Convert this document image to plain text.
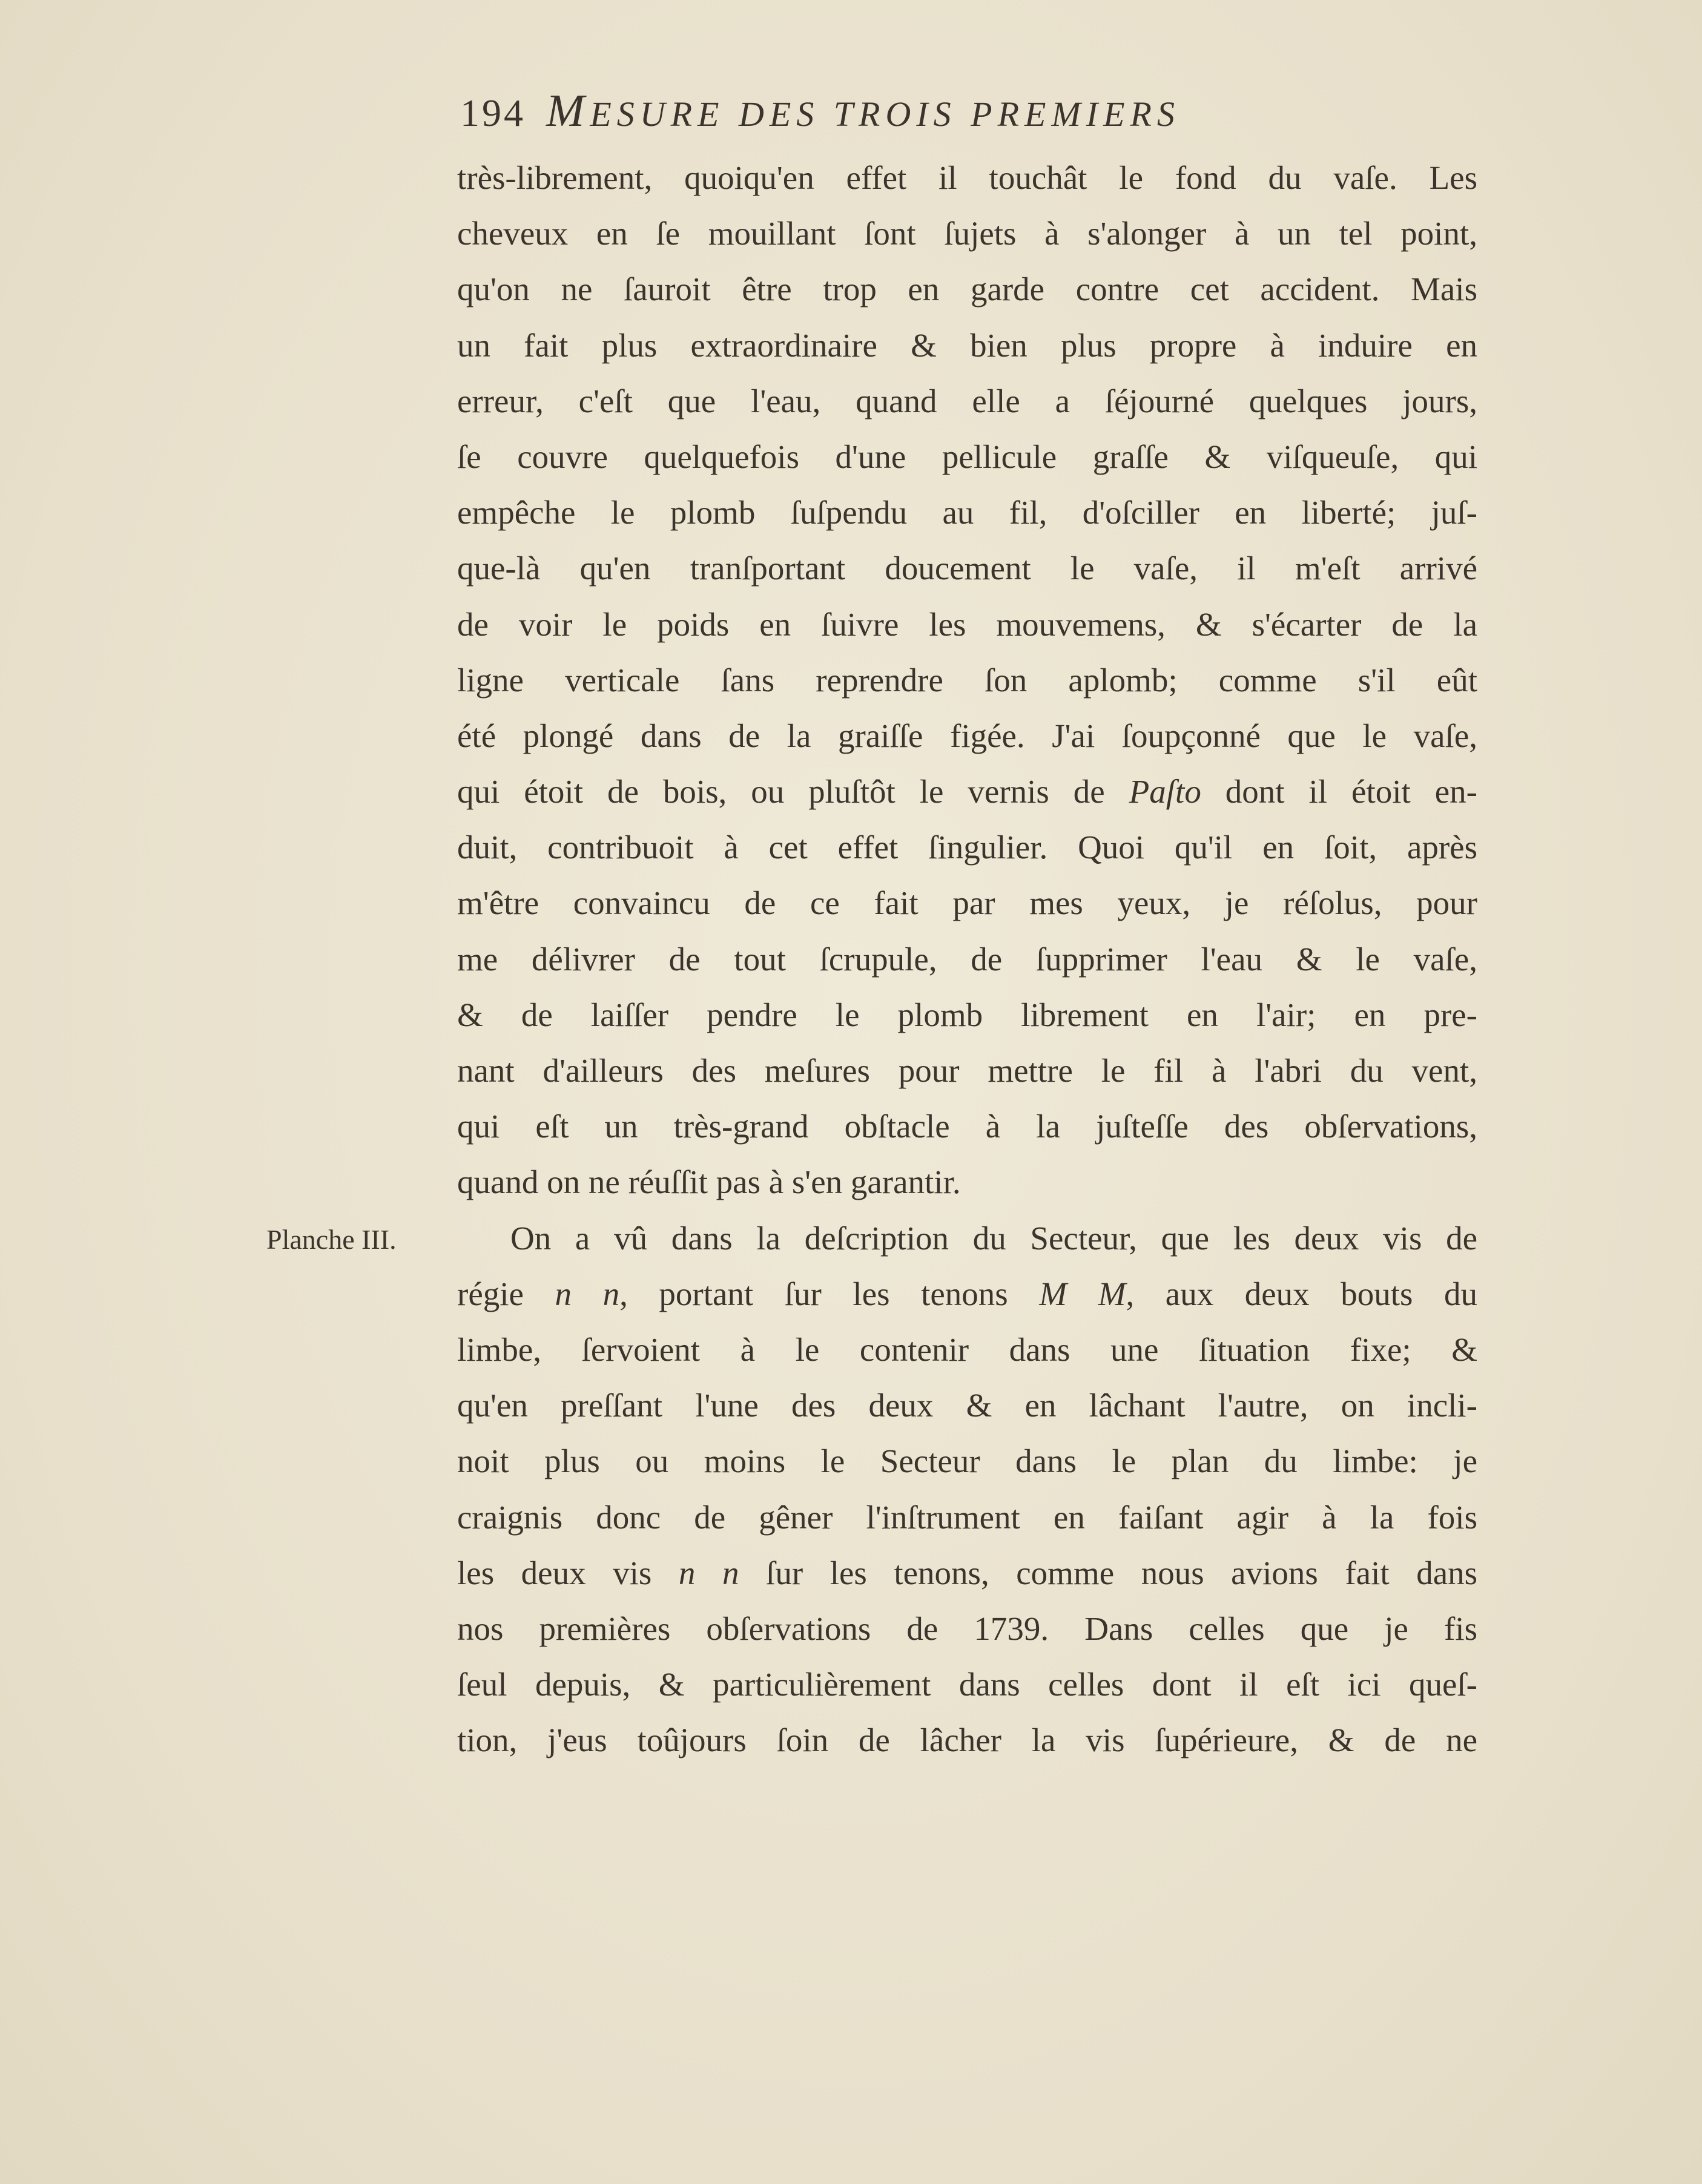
194 MESURE DES TROIS PREMIERS
Planche III.
très-librement, quoiqu'en effet il touchât le fond du vaſe. Les
cheveux en ſe mouillant ſont ſujets à s'alonger à un tel point,
qu'on ne ſauroit être trop en garde contre cet accident. Mais
un fait plus extraordinaire & bien plus propre à induire en
erreur, c'eſt que l'eau, quand elle a ſéjourné quelques jours,
ſe couvre quelquefois d'une pellicule graſſe & viſqueuſe, qui
empêche le plomb ſuſpendu au fil, d'oſciller en liberté; juſ-
que-là qu'en tranſportant doucement le vaſe, il m'eſt arrivé
de voir le poids en ſuivre les mouvemens, & s'écarter de la
ligne verticale ſans reprendre ſon aplomb; comme s'il eût
été plongé dans de la graiſſe figée. J'ai ſoupçonné que le vaſe,
qui étoit de bois, ou pluſtôt le vernis de Paſto dont il étoit en-
duit, contribuoit à cet effet ſingulier. Quoi qu'il en ſoit, après
m'être convaincu de ce fait par mes yeux, je réſolus, pour
me délivrer de tout ſcrupule, de ſupprimer l'eau & le vaſe,
& de laiſſer pendre le plomb librement en l'air; en pre-
nant d'ailleurs des meſures pour mettre le fil à l'abri du vent,
qui eſt un très-grand obſtacle à la juſteſſe des obſervations,
quand on ne réuſſit pas à s'en garantir.
On a vû dans la deſcription du Secteur, que les deux vis de
régie n n, portant ſur les tenons M M, aux deux bouts du
limbe, ſervoient à le contenir dans une ſituation fixe; &
qu'en preſſant l'une des deux & en lâchant l'autre, on incli-
noit plus ou moins le Secteur dans le plan du limbe: je
craignis donc de gêner l'inſtrument en faiſant agir à la fois
les deux vis n n ſur les tenons, comme nous avions fait dans
nos premières obſervations de 1739. Dans celles que je fis
ſeul depuis, & particulièrement dans celles dont il eſt ici queſ-
tion, j'eus toûjours ſoin de lâcher la vis ſupérieure, & de ne
